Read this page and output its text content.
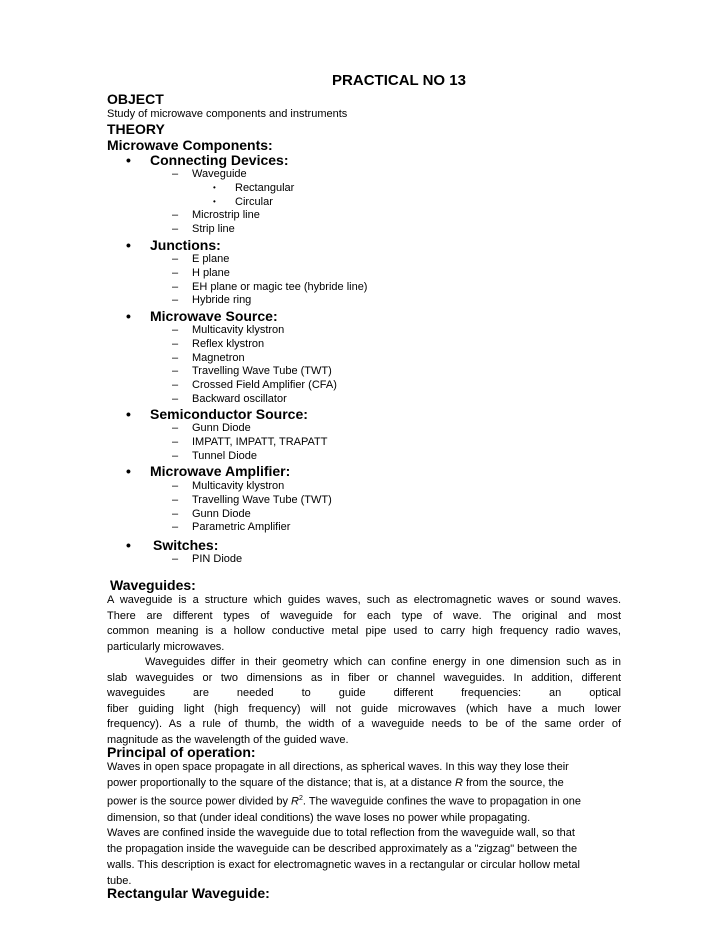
PRACTICAL NO 13
OBJECT
Study of microwave components and instruments
THEORY
Microwave Components:
• Connecting Devices:
– Waveguide
• Rectangular
• Circular
– Microstrip line
– Strip line
• Junctions:
– E plane
– H plane
– EH plane or magic tee (hybride line)
– Hybride ring
• Microwave Source:
– Multicavity klystron
– Reflex klystron
– Magnetron
– Travelling Wave Tube (TWT)
– Crossed Field Amplifier (CFA)
– Backward oscillator
• Semiconductor Source:
– Gunn Diode
– IMPATT, IMPATT, TRAPATT
– Tunnel Diode
• Microwave Amplifier:
– Multicavity klystron
– Travelling Wave Tube (TWT)
– Gunn Diode
– Parametric Amplifier
• Switches:
– PIN Diode
Waveguides:
A waveguide is a structure which guides waves, such as electromagnetic waves or sound waves.
There are different types of waveguide for each type of wave. The original and most
common meaning is a hollow conductive metal pipe used to carry high frequency radio waves,
particularly microwaves.
Waveguides differ in their geometry which can confine energy in one dimension such as in
slab waveguides or two dimensions as in fiber or channel waveguides. In addition, different
waveguides are needed to guide different frequencies: an optical
fiber guiding light (high frequency) will not guide microwaves (which have a much lower
frequency). As a rule of thumb, the width of a waveguide needs to be of the same order of
magnitude as the wavelength of the guided wave.
Principal of operation:
Waves in open space propagate in all directions, as spherical waves. In this way they lose their
power proportionally to the square of the distance; that is, at a distance R from the source, the
power is the source power divided by $R^2$. The waveguide confines the wave to propagation in one
dimension, so that (under ideal conditions) the wave loses no power while propagating.
Waves are confined inside the waveguide due to total reflection from the waveguide wall, so that
the propagation inside the waveguide can be described approximately as a "zigzag" between the
walls. This description is exact for electromagnetic waves in a rectangular or circular hollow metal
tube.
Rectangular Waveguide:
